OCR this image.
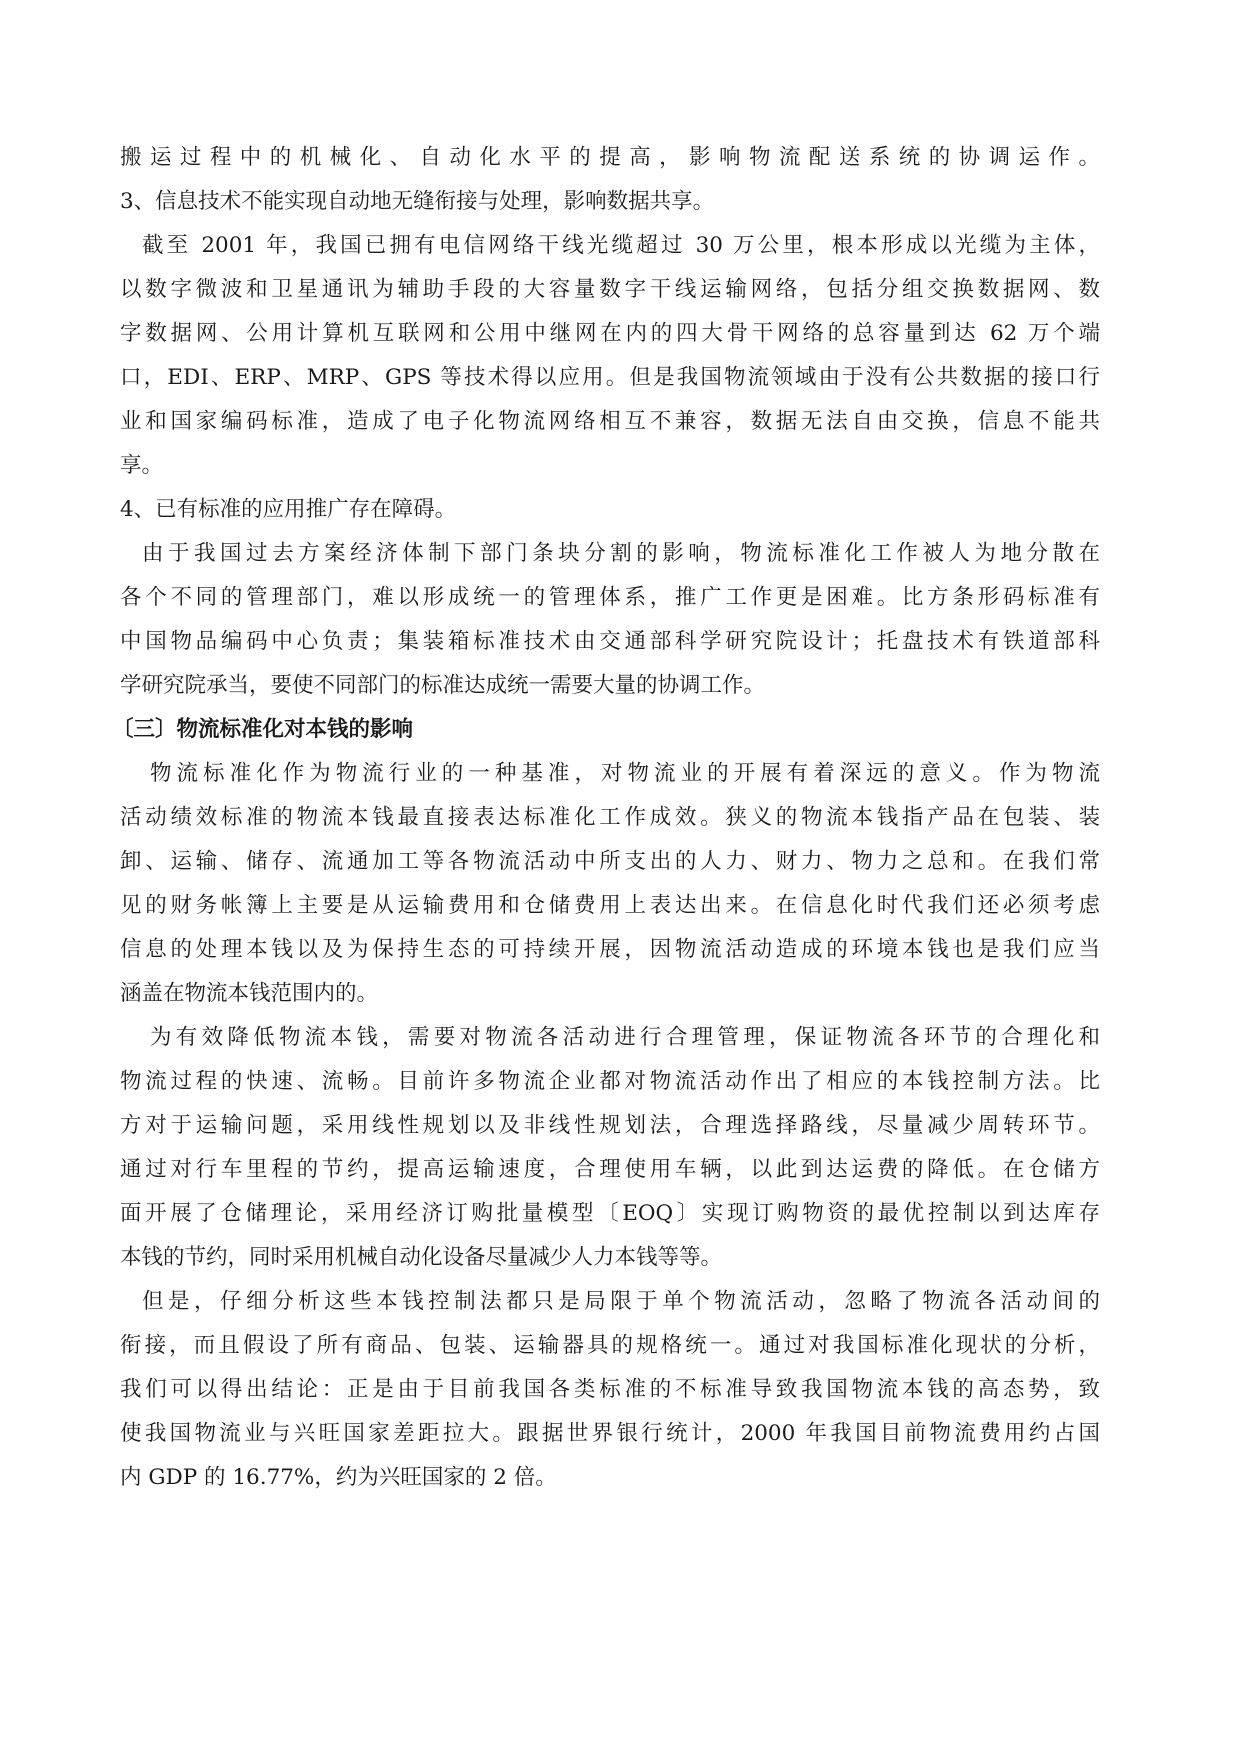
搬运过程中的机械化、自动化水平的提高，影响物流配送系统的协调运作。
3、信息技术不能实现自动地无缝衔接与处理，影响数据共享。
截至 2001 年，我国已拥有电信网络干线光缆超过 30 万公里，根本形成以光缆为主体，
以数字微波和卫星通讯为辅助手段的大容量数字干线运输网络，包括分组交换数据网、数
字数据网、公用计算机互联网和公用中继网在内的四大骨干网络的总容量到达 62 万个端
口，EDI、ERP、MRP、GPS 等技术得以应用。但是我国物流领域由于没有公共数据的接口行
业和国家编码标准，造成了电子化物流网络相互不兼容，数据无法自由交换，信息不能共
享。
4、已有标准的应用推广存在障碍。
由于我国过去方案经济体制下部门条块分割的影响，物流标准化工作被人为地分散在
各个不同的管理部门，难以形成统一的管理体系，推广工作更是困难。比方条形码标准有
中国物品编码中心负责；集装箱标准技术由交通部科学研究院设计；托盘技术有铁道部科
学研究院承当，要使不同部门的标准达成统一需要大量的协调工作。
〔三〕物流标准化对本钱的影响
物流标准化作为物流行业的一种基准，对物流业的开展有着深远的意义。作为物流
活动绩效标准的物流本钱最直接表达标准化工作成效。狭义的物流本钱指产品在包装、装
卸、运输、储存、流通加工等各物流活动中所支出的人力、财力、物力之总和。在我们常
见的财务帐簿上主要是从运输费用和仓储费用上表达出来。在信息化时代我们还必须考虑
信息的处理本钱以及为保持生态的可持续开展，因物流活动造成的环境本钱也是我们应当
涵盖在物流本钱范围内的。
为有效降低物流本钱，需要对物流各活动进行合理管理，保证物流各环节的合理化和
物流过程的快速、流畅。目前许多物流企业都对物流活动作出了相应的本钱控制方法。比
方对于运输问题，采用线性规划以及非线性规划法，合理选择路线，尽量减少周转环节。
通过对行车里程的节约，提高运输速度，合理使用车辆，以此到达运费的降低。在仓储方
面开展了仓储理论，采用经济订购批量模型〔EOQ〕实现订购物资的最优控制以到达库存
本钱的节约，同时采用机械自动化设备尽量减少人力本钱等等。
但是，仔细分析这些本钱控制法都只是局限于单个物流活动，忽略了物流各活动间的
衔接，而且假设了所有商品、包装、运输器具的规格统一。通过对我国标准化现状的分析，
我们可以得出结论：正是由于目前我国各类标准的不标准导致我国物流本钱的高态势，致
使我国物流业与兴旺国家差距拉大。跟据世界银行统计，2000 年我国目前物流费用约占国
内 GDP 的 16.77%，约为兴旺国家的 2 倍。
